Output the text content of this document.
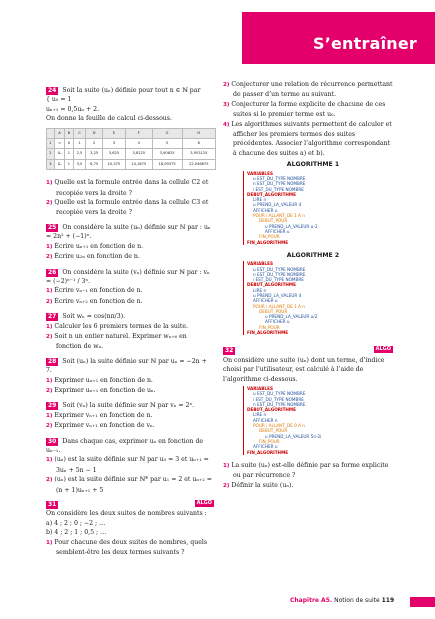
S’entraîner

24 Soit la suite (uₙ) définie pour tout n ∈ ℕ par

{ u₀ = 1

uₙ₊₁ = 0,5uₙ + 2.

On donne la feuille de calcul ci-dessous.

	A	B	C	D	E	F	G	H
1	n	0	1	2	3	4	5	6
2	Uₙ	1	2,5	3,25	3,625	3,8125	3,90625	3,953125
3	Sₙ	1	3,5	6,75	10,375	14,1875	18,09375	22,046875

1) Quelle est la formule entrée dans la cellule C2 et recopiée vers la droite ?

2) Quelle est la formule entrée dans la cellule C3 et recopiée vers la droite ?

25 On considère la suite (uₙ) définie sur ℕ par : uₙ = 2n² + (−1)ⁿ.

1) Écrire uₙ₊₁ en fonction de n.

2) Écrire u₂ₙ en fonction de n.

26 On considère la suite (vₙ) définie sur ℕ par : vₙ = (−2)ⁿ⁻¹ / 3ⁿ.

1) Écrire vₙ₋₁ en fonction de n.

2) Écrire vₙ₊₂ en fonction de n.

27 Soit wₙ = cos(nπ/3).

1) Calculer les 6 premiers termes de la suite.

2) Soit n un entier naturel. Exprimer wₙ₊₆ en fonction de wₙ.

28 Soit (uₙ) la suite définie sur ℕ par uₙ = −2n + 7.

1) Exprimer uₙ₊₁ en fonction de n.

2) Exprimer uₙ₊₁ en fonction de uₙ.

29 Soit (vₙ) la suite définie sur ℕ par vₙ = 2ⁿ.

1) Exprimer vₙ₊₁ en fonction de n.

2) Exprimer vₙ₊₁ en fonction de vₙ.

30 Dans chaque cas, exprimer uₙ en fonction de uₙ₋₁.

1) (uₙ) est la suite définie sur ℕ par u₀ = 3 et uₙ₊₁ = 3uₙ + 5n − 1

2) (uₙ) est la suite définie sur ℕ* par u₁ = 2 et uₙ₊₂ = (n + 1)uₙ₊₁ + 5

31	ALGO

On considère les deux suites de nombres suivants :

a) 4 ; 2 ; 0 ; −2 ; …

b) 4 ; 2 ; 1 ; 0,5 ; …

1) Pour chacune des deux suites de nombres, quels semblent-être les deux termes suivants ?

2) Conjecturer une relation de récurrence permettant de passer d’un terme au suivant.

3) Conjecturer la forme explicite de chacune de ces suites si le premier terme est u₀.

4) Les algorithmes suivants permettent de calculer et afficher les premiers termes des suites précédentes. Associer l’algorithme correspondant à chacune des suites a) et b).

ALGORITHME 1
VARIABLES
u EST_DU_TYPE NOMBRE
n EST_DU_TYPE NOMBRE
i EST_DU_TYPE NOMBRE
DEBUT_ALGORITHME
LIRE n
u PREND_LA_VALEUR 4
AFFICHER u
POUR i ALLANT_DE 1 A n
DEBUT_POUR
u PREND_LA_VALEUR u-2
AFFICHER u
FIN_POUR
FIN_ALGORITHME
ALGORITHME 2
VARIABLES
u EST_DU_TYPE NOMBRE
n EST_DU_TYPE NOMBRE
i EST_DU_TYPE NOMBRE
DEBUT_ALGORITHME
LIRE n
u PREND_LA_VALEUR 4
AFFICHER u
POUR i ALLANT_DE 1 A n
DEBUT_POUR
u PREND_LA_VALEUR u/2
AFFICHER u
FIN_POUR
FIN_ALGORITHME

32	ALGO

On considère une suite (uₙ) dont un terme, d’indice choisi par l’utilisateur, est calculé à l’aide de l’algorithme ci-dessous.

VARIABLES
u EST_DU_TYPE NOMBRE
i EST_DU_TYPE NOMBRE
n EST_DU_TYPE NOMBRE
DEBUT_ALGORITHME
LIRE n
AFFICHER n
POUR i ALLANT_DE 0 A n
DEBUT_POUR
u PREND_LA_VALEUR 5n-2i
FIN_POUR
AFFICHER u
FIN_ALGORITHME

1) La suite (uₙ) est-elle définie par sa forme explicite ou par récurrence ?

2) Définir la suite (uₙ).

Chapitre A5. Notion de suite 119
